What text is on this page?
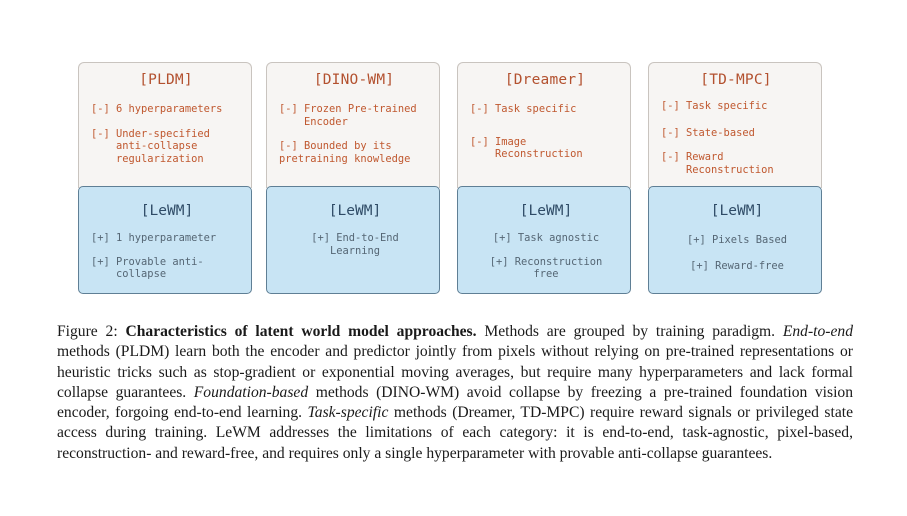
[PLDM]
[-] 6 hyperparameters
[-] Under-specified
anti-collapse
regularization
[LeWM]
[+] 1 hyperparameter
[+] Provable anti-
collapse
[DINO-WM]
[-] Frozen Pre-trained
Encoder
[-] Bounded by its
pretraining knowledge
[LeWM]
[+] End-to-End
Learning
[Dreamer]
[-] Task specific
[-] Image
Reconstruction
[LeWM]
[+] Task agnostic
[+] Reconstruction
free
[TD-MPC]
[-] Task specific
[-] State-based
[-] Reward
Reconstruction
[LeWM]
[+] Pixels Based
[+] Reward-free
Figure 2: Characteristics of latent world model approaches. Methods are grouped by training paradigm. End-to-end methods (PLDM) learn both the encoder and predictor jointly from pixels without relying on pre-trained representations or heuristic tricks such as stop-gradient or exponential moving averages, but require many hyperparameters and lack formal collapse guarantees. Foundation-based methods (DINO-WM) avoid collapse by freezing a pre-trained foundation vision encoder, forgoing end-to-end learning. Task-specific methods (Dreamer, TD-MPC) require reward signals or privileged state access during training. LeWM addresses the limitations of each category: it is end-to-end, task-agnostic, pixel-based, reconstruction- and reward-free, and requires only a single hyperparameter with provable anti-collapse guarantees.
